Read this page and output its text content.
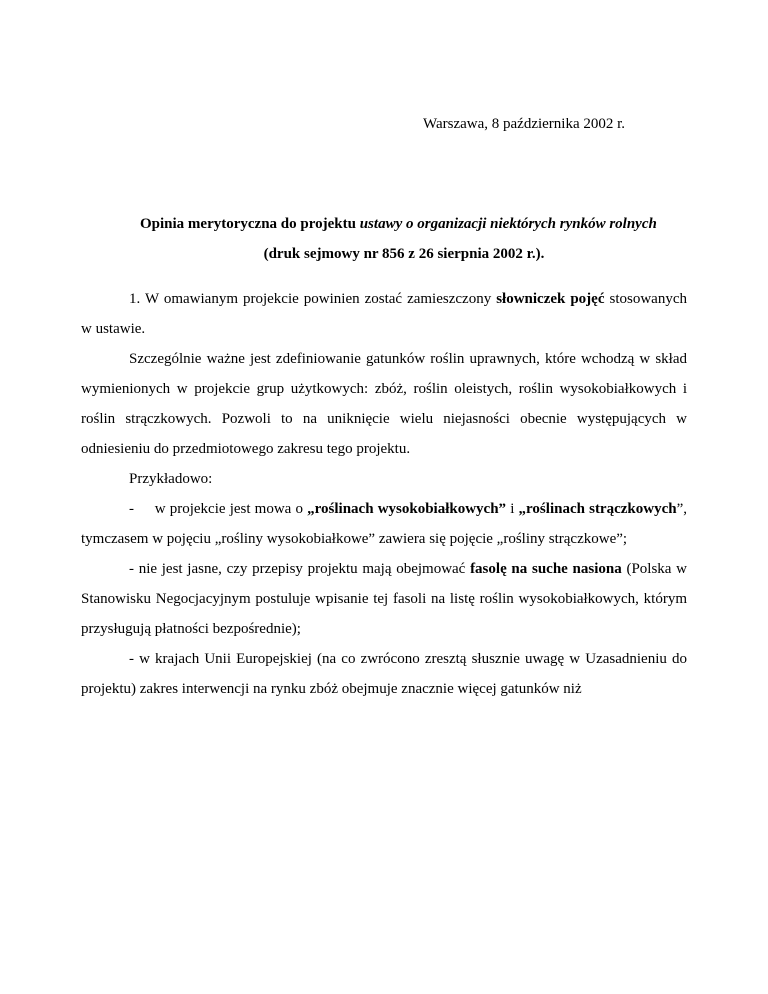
Warszawa, 8 października 2002 r.
Opinia merytoryczna do projektu ustawy o organizacji niektórych rynków rolnych
(druk sejmowy nr 856 z 26 sierpnia 2002 r.).

1. W omawianym projekcie powinien zostać zamieszczony słowniczek pojęć stosowanych w ustawie.

Szczególnie ważne jest zdefiniowanie gatunków roślin uprawnych, które wchodzą w skład wymienionych w projekcie grup użytkowych: zbóż, roślin oleistych, roślin wysokobiałkowych i roślin strączkowych. Pozwoli to na uniknięcie wielu niejasności obecnie występujących w odniesieniu do przedmiotowego zakresu tego projektu.

Przykładowo:

-     w projekcie jest mowa o „roślinach wysokobiałkowych” i „roślinach strączkowych”, tymczasem w pojęciu „rośliny wysokobiałkowe” zawiera się pojęcie „rośliny strączkowe”;

- nie jest jasne, czy przepisy projektu mają obejmować fasolę na suche nasiona (Polska w Stanowisku Negocjacyjnym postuluje wpisanie tej fasoli na listę roślin wysokobiałkowych, którym przysługują płatności bezpośrednie);

- w krajach Unii Europejskiej (na co zwrócono zresztą słusznie uwagę w Uzasadnieniu do projektu) zakres interwencji na rynku zbóż obejmuje znacznie więcej gatunków niż
